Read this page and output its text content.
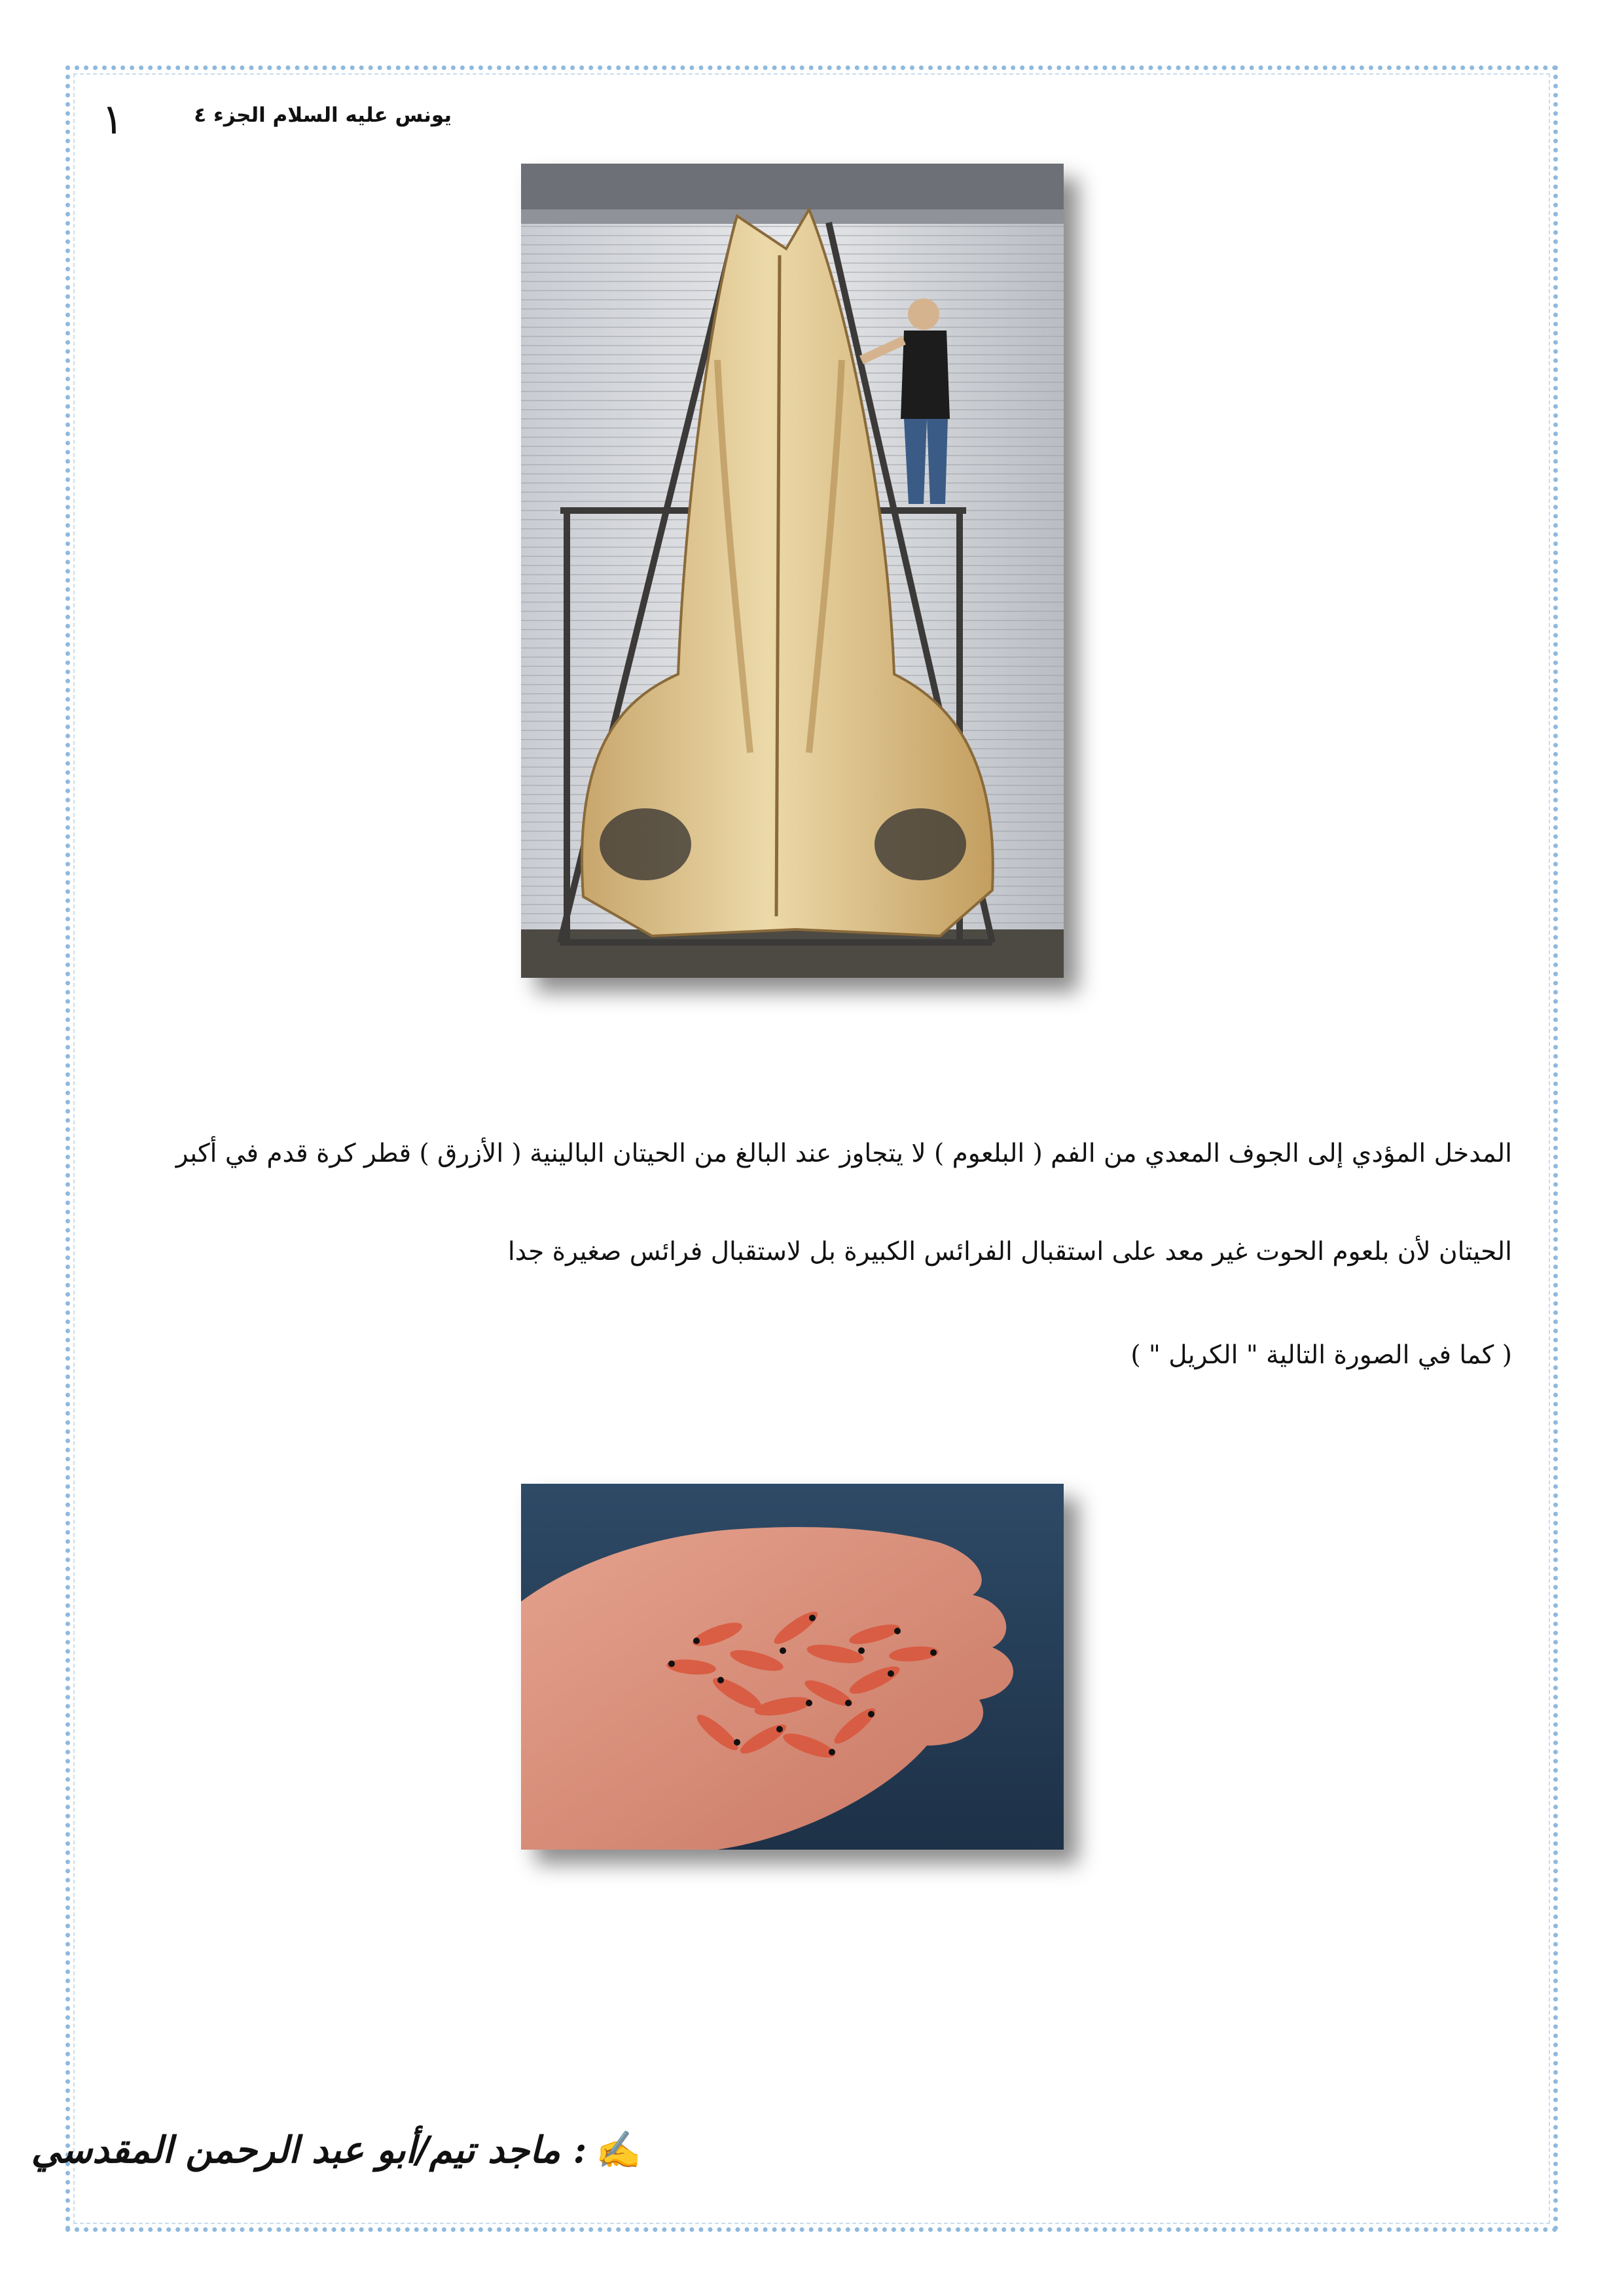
١	يونس عليه السلام الجزء ٤
المدخل المؤدي إلى الجوف المعدي من الفم ( البلعوم ) لا يتجاوز عند البالغ من الحيتان البالينية ( الأزرق ) قطر كرة قدم في أكبر
الحيتان لأن بلعوم الحوت غير معد على استقبال الفرائس الكبيرة بل لاستقبال فرائس صغيرة جدا
( كما في الصورة التالية " الكريل " )
✍: ماجد تيم/أبو عبد الرحمن المقدسي
